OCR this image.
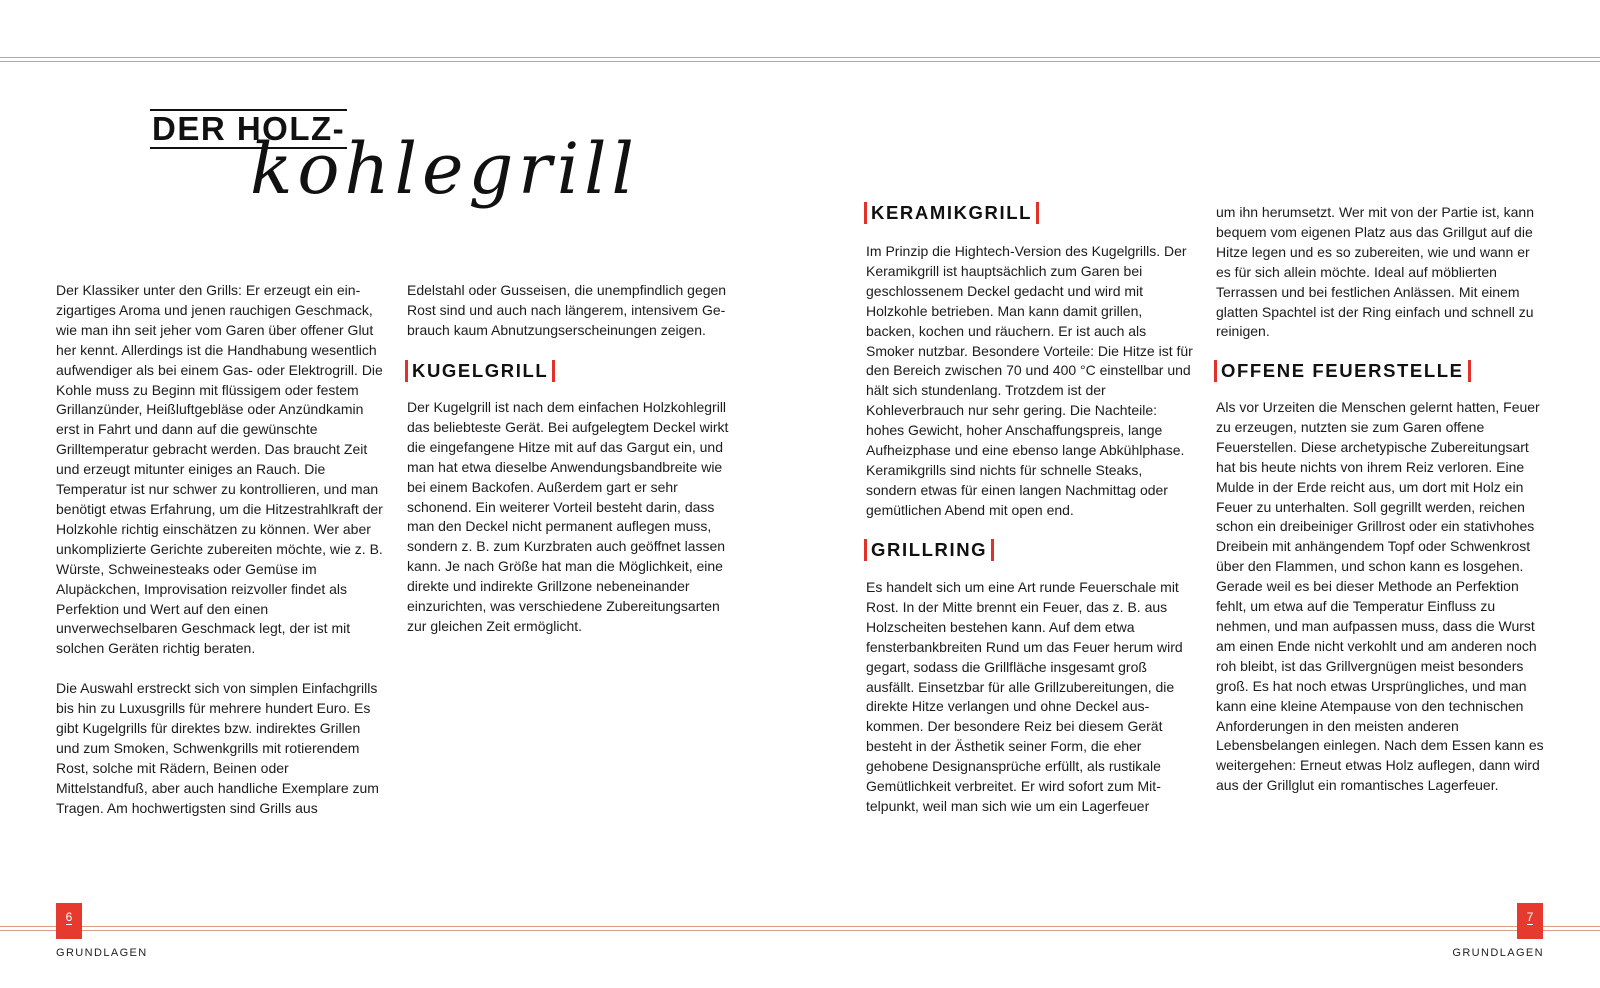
DER HOLZ-
kohlegrill

Der Klassiker unter den Grills: Er erzeugt ein einzigartiges Aroma und jenen rauchigen Geschmack, wie man ihn seit jeher vom Garen über offener Glut her kennt. Allerdings ist die Handhabung wesentlich aufwendiger als bei einem Gas- oder Elektrogrill. Die Kohle muss zu Beginn mit flüssigem oder festem Grillanzünder, Heißluftgebläse oder Anzündkamin erst in Fahrt und dann auf die gewünschte Grilltemperatur gebracht werden. Das braucht Zeit und erzeugt mitunter einiges an Rauch. Die Temperatur ist nur schwer zu kontrollieren, und man benötigt etwas Erfahrung, um die Hitzestrahlkraft der Holzkohle richtig einschätzen zu können. Wer aber unkomplizierte Gerichte zubereiten möchte, wie z. B. Würste, Schweinesteaks oder Gemüse im Alupäckchen, Improvisation reizvoller findet als Perfektion und Wert auf den einen unverwechselbaren Geschmack legt, der ist mit solchen Geräten richtig beraten.

Die Auswahl erstreckt sich von simplen Einfachgrills bis hin zu Luxusgrills für mehrere hundert Euro. Es gibt Kugelgrills für direktes bzw. indirektes Grillen und zum Smoken, Schwenkgrills mit rotierendem Rost, solche mit Rädern, Beinen oder Mittelstandfuß, aber auch handliche Exemplare zum Tragen. Am hochwertigsten sind Grills aus

Edelstahl oder Gusseisen, die unempfindlich gegen Rost sind und auch nach längerem, intensivem Gebrauch kaum Abnutzungserscheinungen zeigen.

KUGELGRILL

Der Kugelgrill ist nach dem einfachen Holzkohlegrill das beliebteste Gerät. Bei aufgelegtem Deckel wirkt die eingefangene Hitze mit auf das Gargut ein, und man hat etwa dieselbe Anwendungsbandbreite wie bei einem Backofen. Außerdem gart er sehr schonend. Ein weiterer Vorteil besteht darin, dass man den Deckel nicht permanent auflegen muss, sondern z. B. zum Kurzbraten auch geöffnet lassen kann. Je nach Größe hat man die Möglichkeit, eine direkte und indirekte Grillzone nebeneinander einzurichten, was verschiedene Zubereitungsarten zur gleichen Zeit ermöglicht.

KERAMIKGRILL

Im Prinzip die Hightech-Version des Kugelgrills. Der Keramikgrill ist hauptsächlich zum Garen bei geschlossenem Deckel gedacht und wird mit Holzkohle betrieben. Man kann damit grillen, backen, kochen und räuchern. Er ist auch als Smoker nutzbar. Besondere Vorteile: Die Hitze ist für den Bereich zwischen 70 und 400 °C einstellbar und hält sich stundenlang. Trotzdem ist der Kohleverbrauch nur sehr gering. Die Nachteile: hohes Gewicht, hoher Anschaffungspreis, lange Aufheizphase und eine ebenso lange Abkühlphase. Keramikgrills sind nichts für schnelle Steaks, sondern etwas für einen langen Nachmittag oder gemütlichen Abend mit open end.

GRILLRING

Es handelt sich um eine Art runde Feuerschale mit Rost. In der Mitte brennt ein Feuer, das z. B. aus Holzscheiten bestehen kann. Auf dem etwa fensterbankbreiten Rund um das Feuer herum wird gegart, sodass die Grillfläche insgesamt groß ausfällt. Einsetzbar für alle Grillzubereitungen, die direkte Hitze verlangen und ohne Deckel auskommen. Der besondere Reiz bei diesem Gerät besteht in der Ästhetik seiner Form, die eher gehobene Designansprüche erfüllt, als rustikale Gemütlichkeit verbreitet. Er wird sofort zum Mittelpunkt, weil man sich wie um ein Lagerfeuer

um ihn herumsetzt. Wer mit von der Partie ist, kann bequem vom eigenen Platz aus das Grillgut auf die Hitze legen und es so zubereiten, wie und wann er es für sich allein möchte. Ideal auf möblierten Terrassen und bei festlichen Anlässen. Mit einem glatten Spachtel ist der Ring einfach und schnell zu reinigen.

OFFENE FEUERSTELLE

Als vor Urzeiten die Menschen gelernt hatten, Feuer zu erzeugen, nutzten sie zum Garen offene Feuerstellen. Diese archetypische Zubereitungsart hat bis heute nichts von ihrem Reiz verloren. Eine Mulde in der Erde reicht aus, um dort mit Holz ein Feuer zu unterhalten. Soll gegrillt werden, reichen schon ein dreibeiniger Grillrost oder ein stativhohes Dreibein mit anhängendem Topf oder Schwenkrost über den Flammen, und schon kann es losgehen. Gerade weil es bei dieser Methode an Perfektion fehlt, um etwa auf die Temperatur Einfluss zu nehmen, und man aufpassen muss, dass die Wurst am einen Ende nicht verkohlt und am anderen noch roh bleibt, ist das Grillvergnügen meist besonders groß. Es hat noch etwas Ursprüngliches, und man kann eine kleine Atempause von den technischen Anforderungen in den meisten anderen Lebensbelangen einlegen. Nach dem Essen kann es weitergehen: Erneut etwas Holz auflegen, dann wird aus der Grillglut ein romantisches Lagerfeuer.

6	7
GRUNDLAGEN	GRUNDLAGEN
